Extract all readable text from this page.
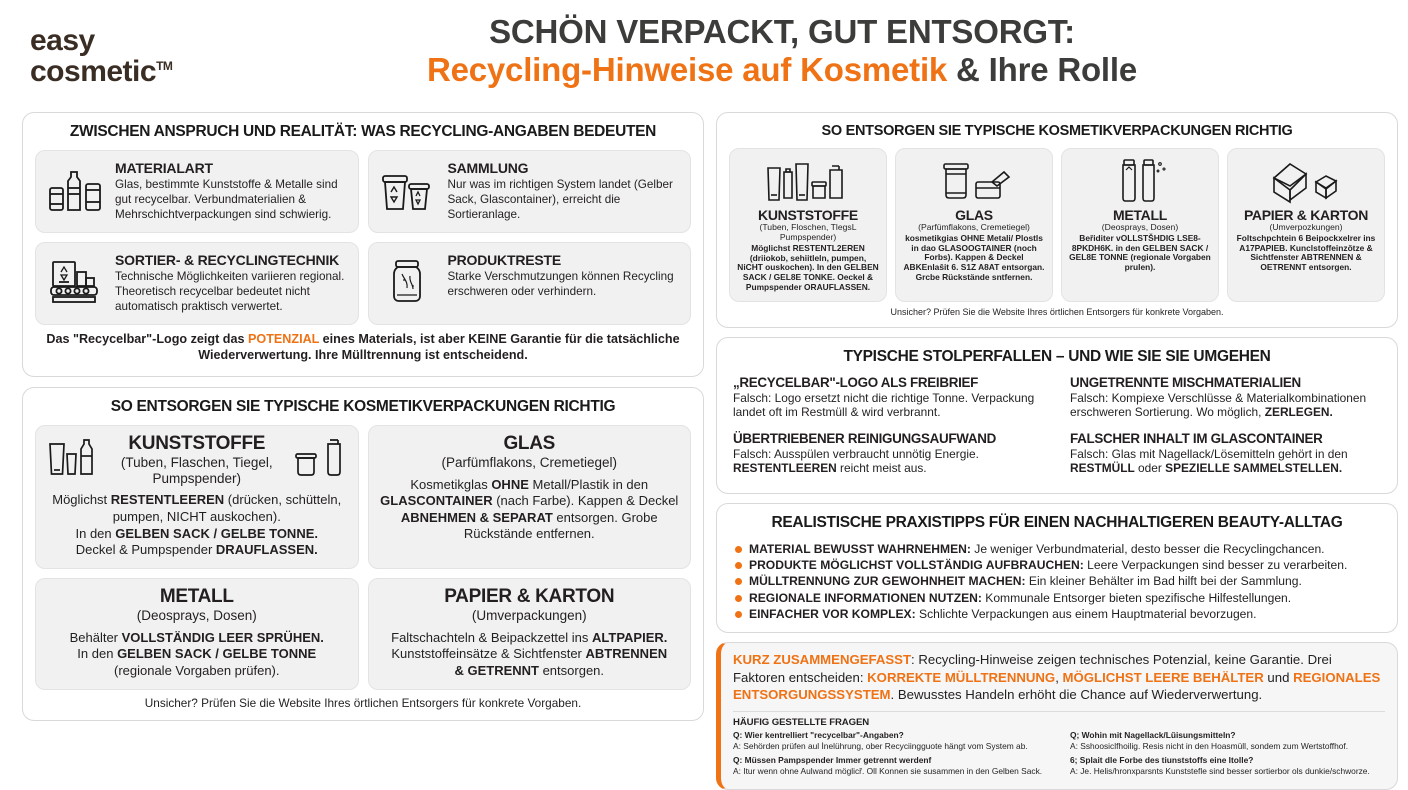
easy
cosmetic™
SCHÖN VERPACKT, GUT ENTSORGT:
Recycling-Hinweise auf Kosmetik & Ihre Rolle
ZWISCHEN ANSPRUCH UND REALITÄT: WAS RECYCLING-ANGABEN BEDEUTEN
MATERIALART

Glas, bestimmte Kunststoffe & Metalle sind gut recycelbar. Verbundmaterialien & Mehrschichtverpackungen sind schwierig.

SAMMLUNG

Nur was im richtigen System landet (Gelber Sack, Glascontainer), erreicht die Sortieranlage.

SORTIER- & RECYCLINGTECHNIK

Technische Möglichkeiten variieren regional. Theoretisch recycelbar bedeutet nicht automatisch praktisch verwertet.

PRODUKTRESTE

Starke Verschmutzungen können Recycling erschweren oder verhindern.

Das "Recycelbar"-Logo zeigt das POTENZIAL eines Materials, ist aber KEINE Garantie für die tatsächliche Wiederverwertung. Ihre Mülltrennung ist entscheidend.
SO ENTSORGEN SIE TYPISCHE KOSMETIKVERPACKUNGEN RICHTIG
KUNSTSTOFFE
(Tuben, Flaschen, Tiegel, Pumpspender)
Möglichst RESTENTLEEREN (drücken, schütteln, pumpen, NICHT auskochen).
In den GELBEN SACK / GELBE TONNE.
Deckel & Pumpspender DRAUFLASSEN.
GLAS
(Parfümflakons, Cremetiegel)
Kosmetikglas OHNE Metall/Plastik in den GLASCONTAINER (nach Farbe). Kappen & Deckel ABNEHMEN & SEPARAT entsorgen. Grobe Rückstände entfernen.
METALL
(Deosprays, Dosen)
Behälter VOLLSTÄNDIG LEER SPRÜHEN.
In den GELBEN SACK / GELBE TONNE
(regionale Vorgaben prüfen).
PAPIER & KARTON
(Umverpackungen)
Faltschachteln & Beipackzettel ins ALTPAPIER.
Kunststoffeinsätze & Sichtfenster ABTRENNEN
& GETRENNT entsorgen.
Unsicher? Prüfen Sie die Website Ihres örtlichen Entsorgers für konkrete Vorgaben.
SO ENTSORGEN SIE TYPISCHE KOSMETIKVERPACKUNGEN RICHTIG
KUNSTSTOFFE
(Tuben, Floschen, TlegsL Pumpspender)
Möglichst RESTENTL2EREN (driiokob, sehiitleln, pumpen, NiCHT ouskochen). In den GELBEN SACK / GEL8E TONKE. Oeckel & Pumpspender ORAUFLASSEN.
GLAS
(Parfümflakons, Cremetiegel)
kosmetikgias OHNE Metali/ Plostls in dao GLASOOGTAINER (noch Forbs). Kappen & Deckel ABKEnlaŝit 6. S1Z A8AT entsorgan. Grcbe Rückstände sntfernen.
METALL
(Deosprays, Dosen)
Beřiditer vOLLSTŠHDIG LSE8-8PKDH6K. in den GELBEN SACK / GEL8E TONNE (regionale Vorgaben prulen).
PAPIER & KARTON
(Umverpozkungen)
Foltschpchtein 6 Beipockxelrer ins A17PAPIEB. Kunclstoffeinzŏtze & Sichtfenster ABTRENNEN & OETRENNT entsorgen.
Unsicher? Prüfen Sie die Website Ihres örtlichen Entsorgers für konkrete Vorgaben.
TYPISCHE STOLPERFALLEN – UND WIE SIE SIE UMGEHEN
„RECYCELBAR"-LOGO ALS FREIBRIEF

Falsch: Logo ersetzt nicht die richtige Tonne. Verpackung landet oft im Restmüll & wird verbrannt.

UNGETRENNTE MISCHMATERIALIEN

Falsch: Kompiexe Verschlüsse & Materialkombinationen erschweren Sortierung. Wo möglich, ZERLEGEN.

ÜBERTRIEBENER REINIGUNGSAUFWAND

Falsch: Ausspülen verbraucht unnötig Energie. RESTENTLEEREN reicht meist aus.

FALSCHER INHALT IM GLASCONTAINER

Falsch: Glas mit Nagellack/Lösemitteln gehört in den RESTMÜLL oder SPEZIELLE SAMMELSTELLEN.

REALISTISCHE PRAXISTIPPS FÜR EINEN NACHHALTIGEREN BEAUTY-ALLTAG
MATERIAL BEWUSST WAHRNEHMEN: Je weniger Verbundmaterial, desto besser die Recyclingchancen.
PRODUKTE MÖGLICHST VOLLSTÄNDIG AUFBRAUCHEN: Leere Verpackungen sind besser zu verarbeiten.
MÜLLTRENNUNG ZUR GEWOHNHEIT MACHEN: Ein kleiner Behälter im Bad hilft bei der Sammlung.
REGIONALE INFORMATIONEN NUTZEN: Kommunale Entsorger bieten spezifische Hilfestellungen.
EINFACHER VOR KOMPLEX: Schlichte Verpackungen aus einem Hauptmaterial bevorzugen.

KURZ ZUSAMMENGEFASST: Recycling-Hinweise zeigen technisches Potenzial, keine Garantie. Drei Faktoren entscheiden: KORREKTE MÜLLTRENNUNG, MÖGLICHST LEERE BEHÄLTER und REGIONALES ENTSORGUNGSSYSTEM. Bewusstes Handeln erhöht die Chance auf Wiederverwertung.

HÄUFIG GESTELLTE FRAGEN
Q: Wier kentrelliert "recycelbar"-Angaben?
A: Sehörden prüfen aul İnelührung, ober Recyciingguote hängt vom System ab.
Q: Müssen Pampspender Immer getrennt werdenf
A: Itur wenn ohne Aulwand möglicř. Oll Konnen sie susammen in den Gelben Sack.
Q; Wohin mit Nagellack/Lŭisungsmitteln?
A: Sshoosiclfhoilig. Resis nicht in den Hoasmüll, sondem zum Wertstoffhof.
6; Splait dle Forbe des tiunststoffs eine Itolle?
A: Je. Helis/hronxparsnts Kunststefle sind besser sortierbor ols dunkie/schworze.
